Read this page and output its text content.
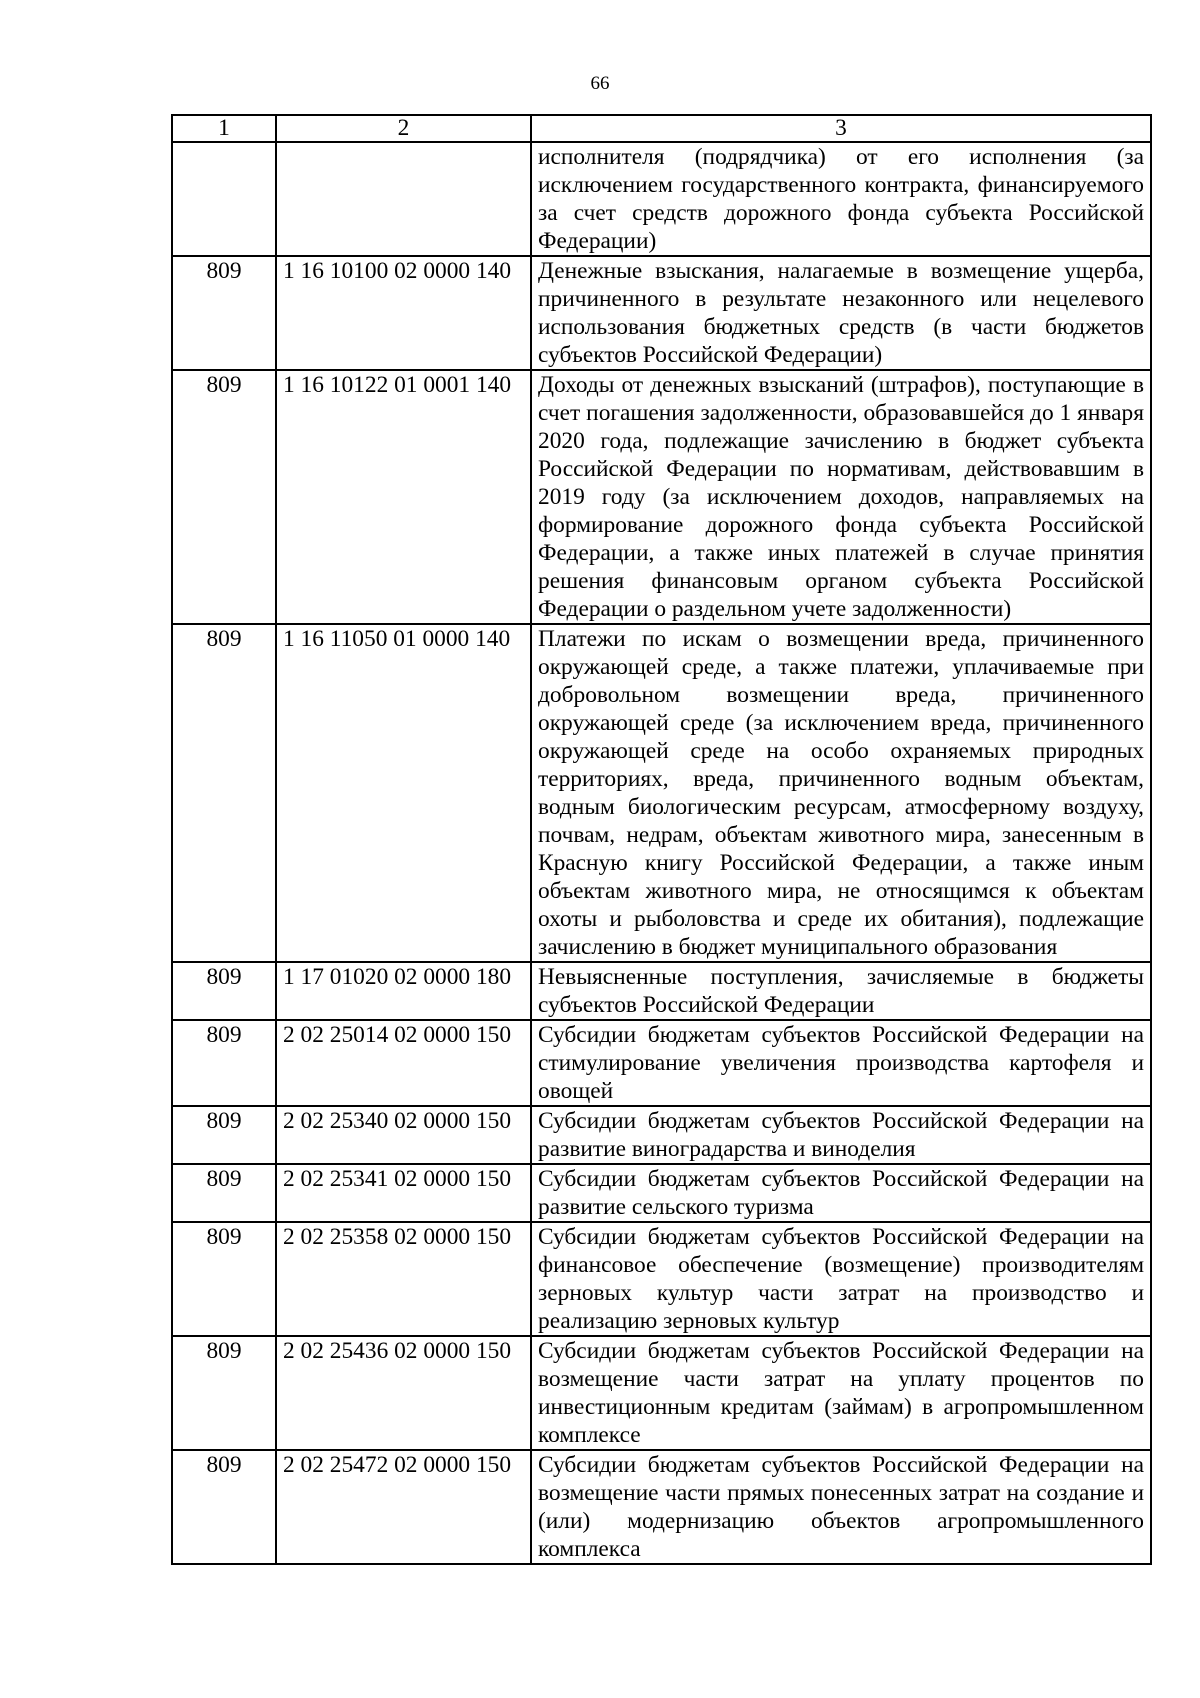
66
1	2	3
		исполнителя (подрядчика) от его исполнения (за исключением государственного контракта, финансируемого за счет средств дорожного фонда субъекта Российской Федерации)
809	1 16 10100 02 0000 140	Денежные взыскания, налагаемые в возмещение ущерба, причиненного в результате незаконного или нецелевого использования бюджетных средств (в части бюджетов субъектов Российской Федерации)
809	1 16 10122 01 0001 140	Доходы от денежных взысканий (штрафов), поступающие в счет погашения задолженности, образовавшейся до 1 января 2020 года, подлежащие зачислению в бюджет субъекта Российской Федерации по нормативам, действовавшим в 2019 году (за исключением доходов, направляемых на формирование дорожного фонда субъекта Российской Федерации, а также иных платежей в случае принятия решения финансовым органом субъекта Российской Федерации о раздельном учете задолженности)
809	1 16 11050 01 0000 140	Платежи по искам о возмещении вреда, причиненного окружающей среде, а также платежи, уплачиваемые при добровольном возмещении вреда, причиненного окружающей среде (за исключением вреда, причиненного окружающей среде на особо охраняемых природных территориях, вреда, причиненного водным объектам, водным биологическим ресурсам, атмосферному воздуху, почвам, недрам, объектам животного мира, занесенным в Красную книгу Российской Федерации, а также иным объектам животного мира, не относящимся к объектам охоты и рыболовства и среде их обитания), подлежащие зачислению в бюджет муниципального образования
809	1 17 01020 02 0000 180	Невыясненные поступления, зачисляемые в бюджеты субъектов Российской Федерации
809	2 02 25014 02 0000 150	Субсидии бюджетам субъектов Российской Федерации на стимулирование увеличения производства картофеля и овощей
809	2 02 25340 02 0000 150	Субсидии бюджетам субъектов Российской Федерации на развитие виноградарства и виноделия
809	2 02 25341 02 0000 150	Субсидии бюджетам субъектов Российской Федерации на развитие сельского туризма
809	2 02 25358 02 0000 150	Субсидии бюджетам субъектов Российской Федерации на финансовое обеспечение (возмещение) производителям зерновых культур части затрат на производство и реализацию зерновых культур
809	2 02 25436 02 0000 150	Субсидии бюджетам субъектов Российской Федерации на возмещение части затрат на уплату процентов по инвестиционным кредитам (займам) в агропромышленном комплексе
809	2 02 25472 02 0000 150	Субсидии бюджетам субъектов Российской Федерации на возмещение части прямых понесенных затрат на создание и (или) модернизацию объектов агропромышленного комплекса
